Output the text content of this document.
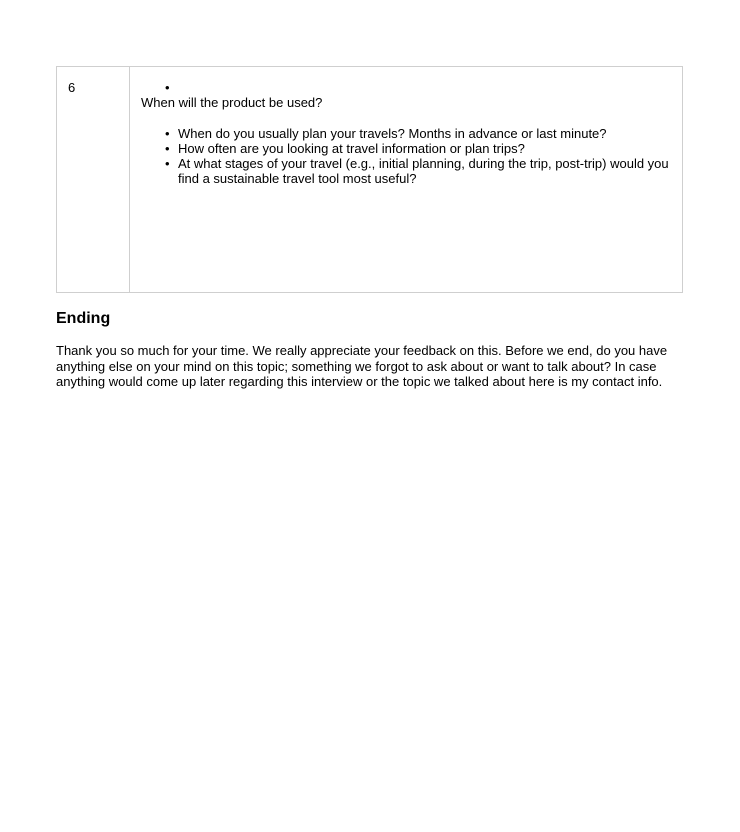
6	•

When will the product be used?

• When do you usually plan your travels? Months in advance or last minute?
• How often are you looking at travel information or plan trips?
• At what stages of your travel (e.g., initial planning, during the trip, post-trip) would you find a sustainable travel tool most useful?
Ending

Thank you so much for your time. We really appreciate your feedback on this. Before we end, do you have anything else on your mind on this topic; something we forgot to ask about or want to talk about? In case anything would come up later regarding this interview or the topic we talked about here is my contact info.
